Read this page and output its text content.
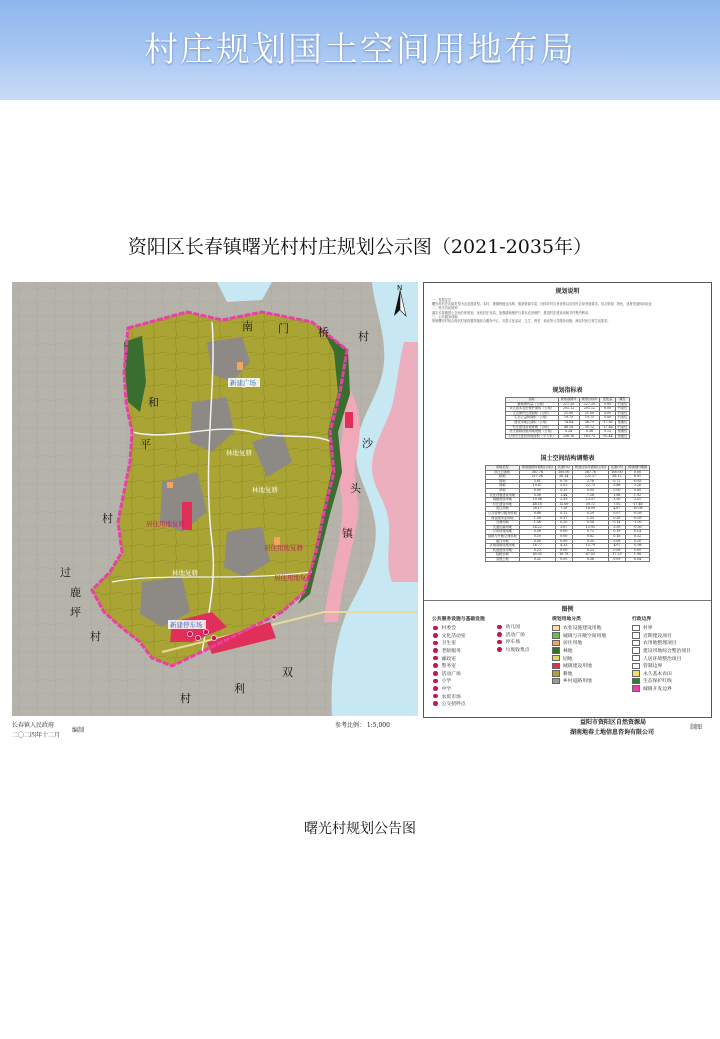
村庄规划国土空间用地布局
资阳区长春镇曙光村村庄规划公示图（2021-2035年）
N
南 门	桥	村
和
平
村
沙
头
镇
过
鹿
坪
村
双
利
村
新建广场
林地复耕
林地复耕
居住用地复耕
居住用地复耕
居住用地复耕
林地复耕
新建停车场
规划说明
一、发展定位
曙光村村庄功能类型为农业提质型。本村，遵循种植业结构、旅游资源丰富、田园乡村自身优势以及村民自身发展要求，结合资源、特色，适度发展休闲农业
二、村庄布局规划
落实长春镇国土空间总体规划，优化村庄布局，加强耕地保护与基本农田保护，推进村庄建设用地节约集约利用。
三、公共服务设施
规划曙光村结合现状村部设置村级综合服务中心，完善文化活动、卫生、养老、商业等公共服务设施，满足村民日常生活需求。
规划指标表
指标	规划基期年	规划目标年	变化量	属性
耕地保有量（公顷）	227.20	227.20	0.00	约束性
永久基本农田保护面积（公顷）	201.12	201.12	0.00	约束性
生态保护红线面积（公顷）	21.00	21.00	0.00	约束性
生态公益林面积（公顷）	19.75	19.75	0.00	约束性
建设用地总面积（公顷）	74.64	56.79	-17.85	预期性
村庄建设用地规模（公顷）	48.18	30.72	-17.46	约束性
村庄基础设施用地规模（公顷）	0.24	0.36	0.12	预期性
人均村庄建设用地面积（平方米）	256.16	163.72	-92.44	预期性
国土空间结构调整表
用地类型	规划基期年面积(公顷)	比重(%)	规划目标年面积(公顷)	比重(%)	规划期内增减
国土总面积	387.76	100.00	387.76	100.00	0.00
耕地	217.36	56.14	225.37	58.12	8.01
园地	3.61	0.76	2.78	0.72	-0.83
林地	19.47	5.02	22.73	5.86	3.26
草地	0.00	0.13	0.00	0.00	0.00
农业设施建设用地	5.36	1.44	7.28	1.88	1.92
城镇建设用地	10.06	2.59	13.57	3.50	3.51
村庄建设用地	48.18	12.69	30.72	7.92	-17.46
居住用地	28.17	7.26	18.09	4.67	-10.08
公共管理与服务用地	0.88	0.12	0.29	0.07	-0.59
商业服务业用地	1.58	0.37	1.53	0.39	-0.05
仓储用地	1.54	0.20	0.54	0.14	-1.00
交通运输用地	14.22	3.67	13.92	3.59	-0.30
公用设施用地	0.58	0.00	0.72	0.19	0.14
绿地与开敞空间用地	0.30	0.00	0.62	0.16	0.32
留白用地	0.00	0.00	0.30	0.08	0.30
区域基础设施用地	16.77	4.33	15.79	4.07	-0.98
其他建设用地	0.23	0.00	0.23	0.06	0.00
陆地水域	65.05	16.78	67.03	17.29	1.98
其他土地	0.32	0.05	0.36	0.09	0.04
图例
公共服务设施与基础设施
村委会
文化活动室
卫生室
老龄服务
邮政室
警务室
活动广场
小学
中学
农贸市场
公交招呼点
幼儿园
活动广场
停车场
垃圾收集点
规划用地分类
农业设施建设用地
城镇与开敞空间用地
居住用地
林地
园地
城镇建设用地
耕地
乡村道路用地
行政边界
村界
近期建设项目
农用地整理项目
建设用地综合整治项目
人居环境整治项目
管制边界
永久基本农田
生态保护红线
城镇开发边界
长春镇人民政府
二〇二四年十二月
编制
参考比例： 1:5,000	益阳市资阳区自然资源局
湖南地春土地信息咨询有限公司
制图
曙光村规划公告图
